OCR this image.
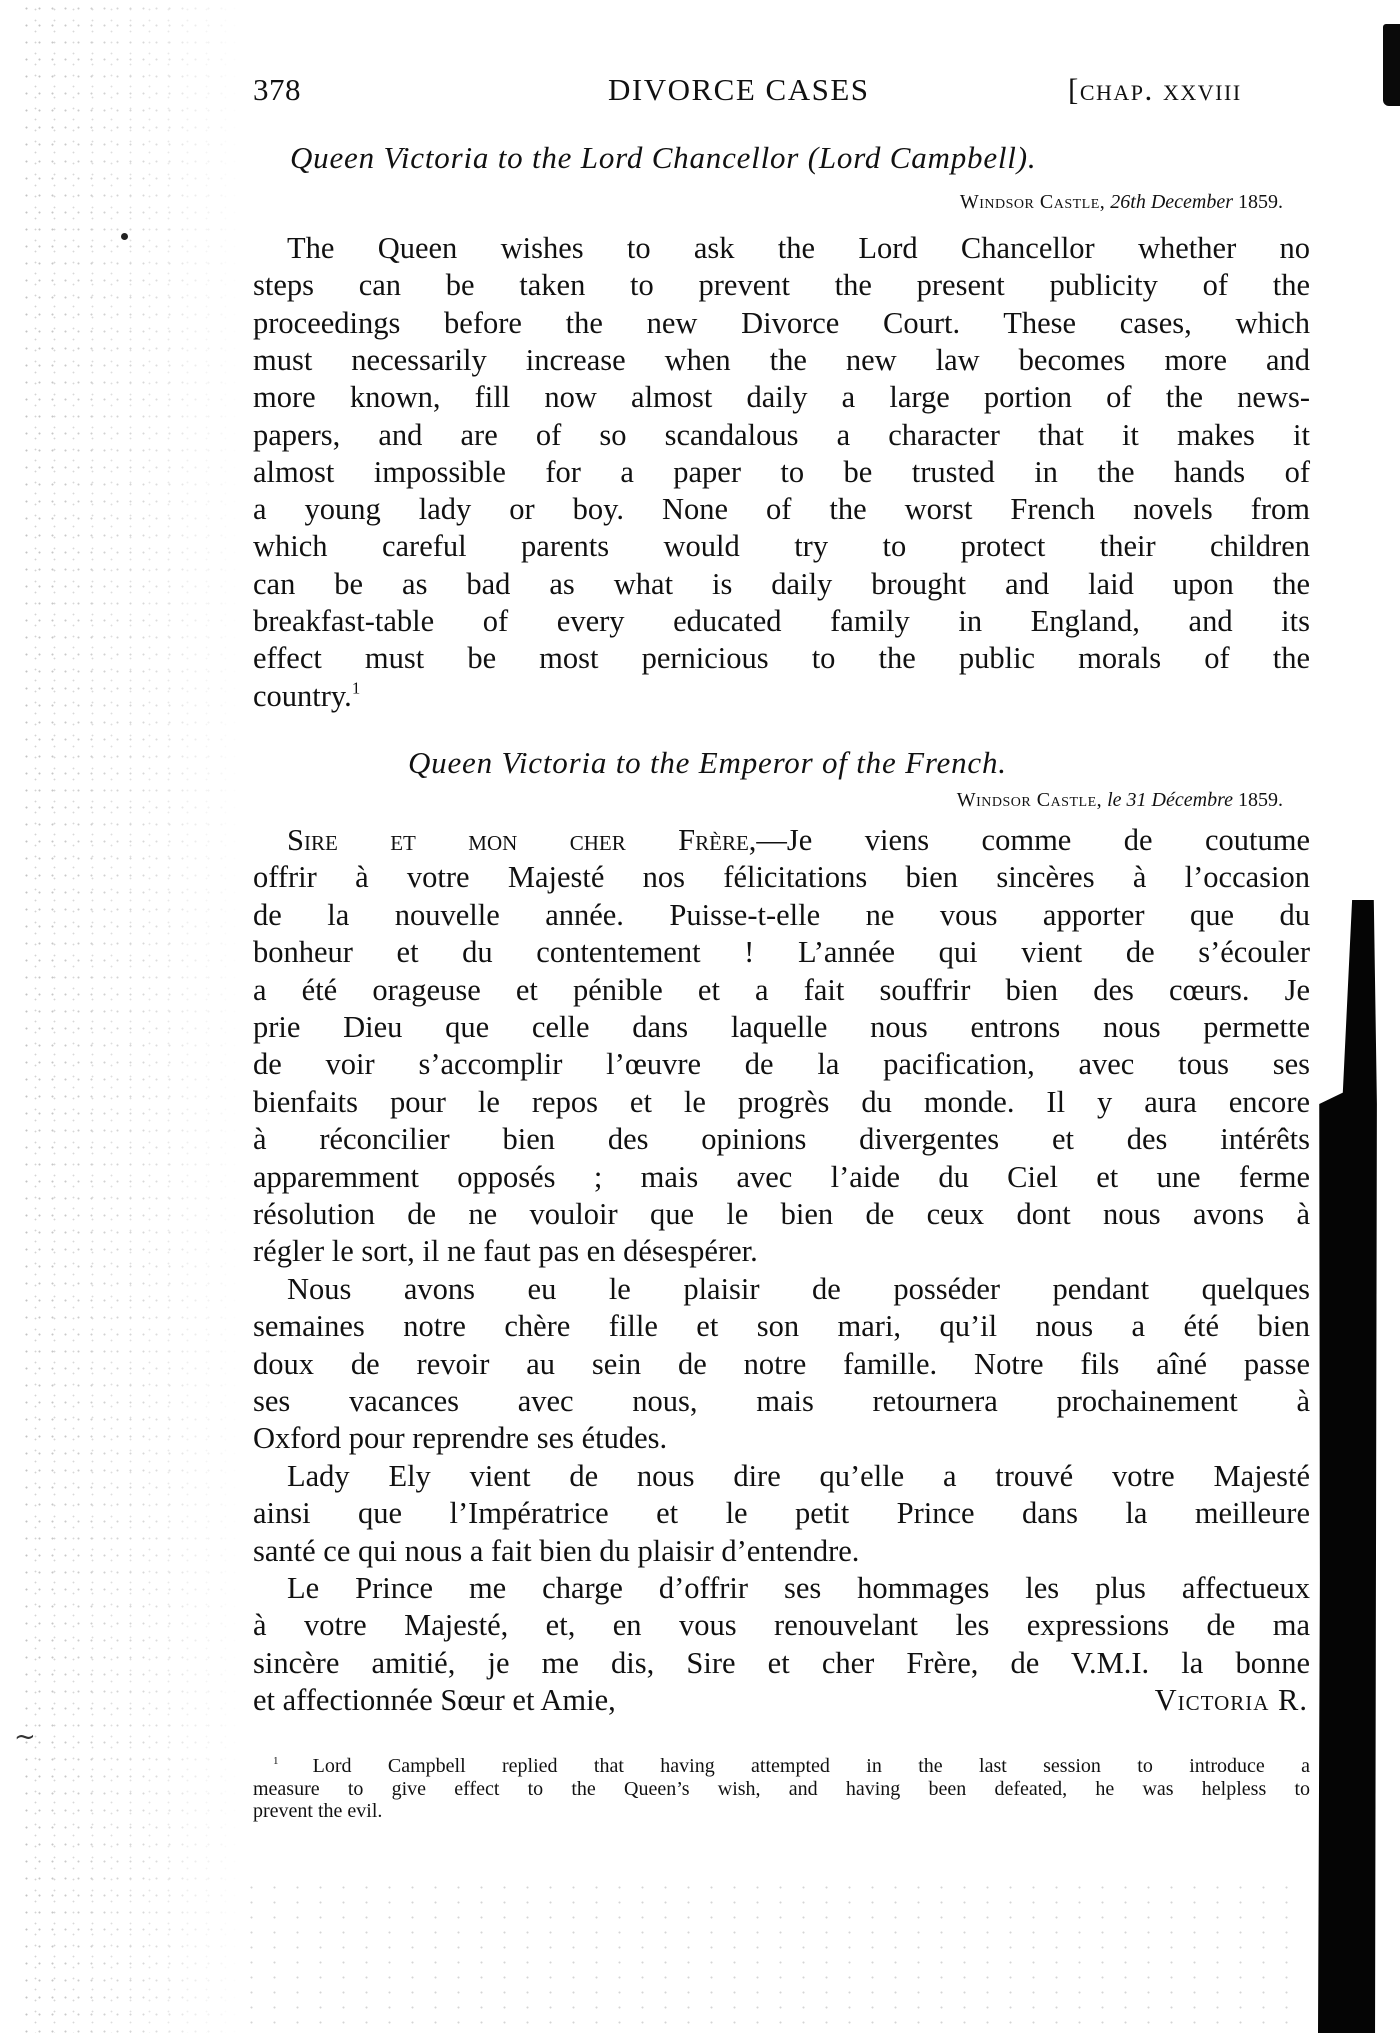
~
378	DIVORCE CASES	[chap. xxviii
Queen Victoria to the Lord Chancellor (Lord Campbell).
Windsor Castle, 26th December 1859.
The Queen wishes to ask the Lord Chancellor whether no
steps can be taken to prevent the present publicity of the
proceedings before the new Divorce Court. These cases, which
must necessarily increase when the new law becomes more and
more known, fill now almost daily a large portion of the news-
papers, and are of so scandalous a character that it makes it
almost impossible for a paper to be trusted in the hands of
a young lady or boy. None of the worst French novels from
which careful parents would try to protect their children
can be as bad as what is daily brought and laid upon the
breakfast-table of every educated family in England, and its
effect must be most pernicious to the public morals of the
country.$^1$
Queen Victoria to the Emperor of the French.
Windsor Castle, le 31 Décembre 1859.
Sire et mon cher Frère,—Je viens comme de coutume
offrir à votre Majesté nos félicitations bien sincères à l’occasion
de la nouvelle année. Puisse-t-elle ne vous apporter que du
bonheur et du contentement ! L’année qui vient de s’écouler
a été orageuse et pénible et a fait souffrir bien des cœurs. Je
prie Dieu que celle dans laquelle nous entrons nous permette
de voir s’accomplir l’œuvre de la pacification, avec tous ses
bienfaits pour le repos et le progrès du monde. Il y aura encore
à réconcilier bien des opinions divergentes et des intérêts
apparemment opposés ; mais avec l’aide du Ciel et une ferme
résolution de ne vouloir que le bien de ceux dont nous avons à
régler le sort, il ne faut pas en désespérer.
Nous avons eu le plaisir de posséder pendant quelques
semaines notre chère fille et son mari, qu’il nous a été bien
doux de revoir au sein de notre famille. Notre fils aîné passe
ses vacances avec nous, mais retournera prochainement à
Oxford pour reprendre ses études.
Lady Ely vient de nous dire qu’elle a trouvé votre Majesté
ainsi que l’Impératrice et le petit Prince dans la meilleure
santé ce qui nous a fait bien du plaisir d’entendre.
Le Prince me charge d’offrir ses hommages les plus affectueux
à votre Majesté, et, en vous renouvelant les expressions de ma
sincère amitié, je me dis, Sire et cher Frère, de V.M.I. la bonne
et affectionnée Sœur et Amie,	Victoria R.
$^1$ Lord Campbell replied that having attempted in the last session to introduce a
measure to give effect to the Queen’s wish, and having been defeated, he was helpless to
prevent the evil.
